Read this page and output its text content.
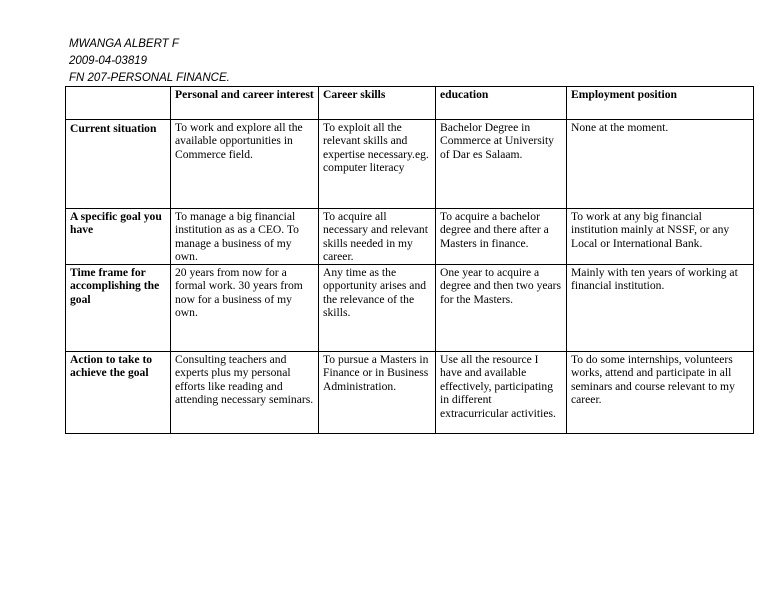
MWANGA ALBERT F
2009-04-03819
FN 207-PERSONAL FINANCE.
	Personal and career interest	Career skills	education	Employment position
Current situation	To work and explore all the available opportunities in Commerce field.	To exploit all the relevant skills and expertise necessary.eg. computer literacy	Bachelor Degree in Commerce at University of Dar es Salaam.	None at the moment.
A specific goal you have	To manage a big financial institution as as a CEO. To manage a business of my own.	To acquire all necessary and relevant skills needed in my career.	To acquire a bachelor degree and there after a Masters in finance.	To work at any big financial institution mainly at NSSF, or any Local or International Bank.
Time frame for accomplishing the goal	20 years from now for a formal work. 30 years from now for a business of my own.	Any time as the opportunity arises and the relevance of the skills.	One year to acquire a degree and then two years for the Masters.	Mainly with ten years of working at financial institution.
Action to take to achieve the goal	Consulting teachers and experts plus my personal efforts like reading and attending necessary seminars.	To pursue a Masters in Finance or in Business Administration.	Use all the resource I have and available effectively, participating in different extracurricular activities.	To do some internships, volunteers works, attend and participate in all seminars and course relevant to my career.
